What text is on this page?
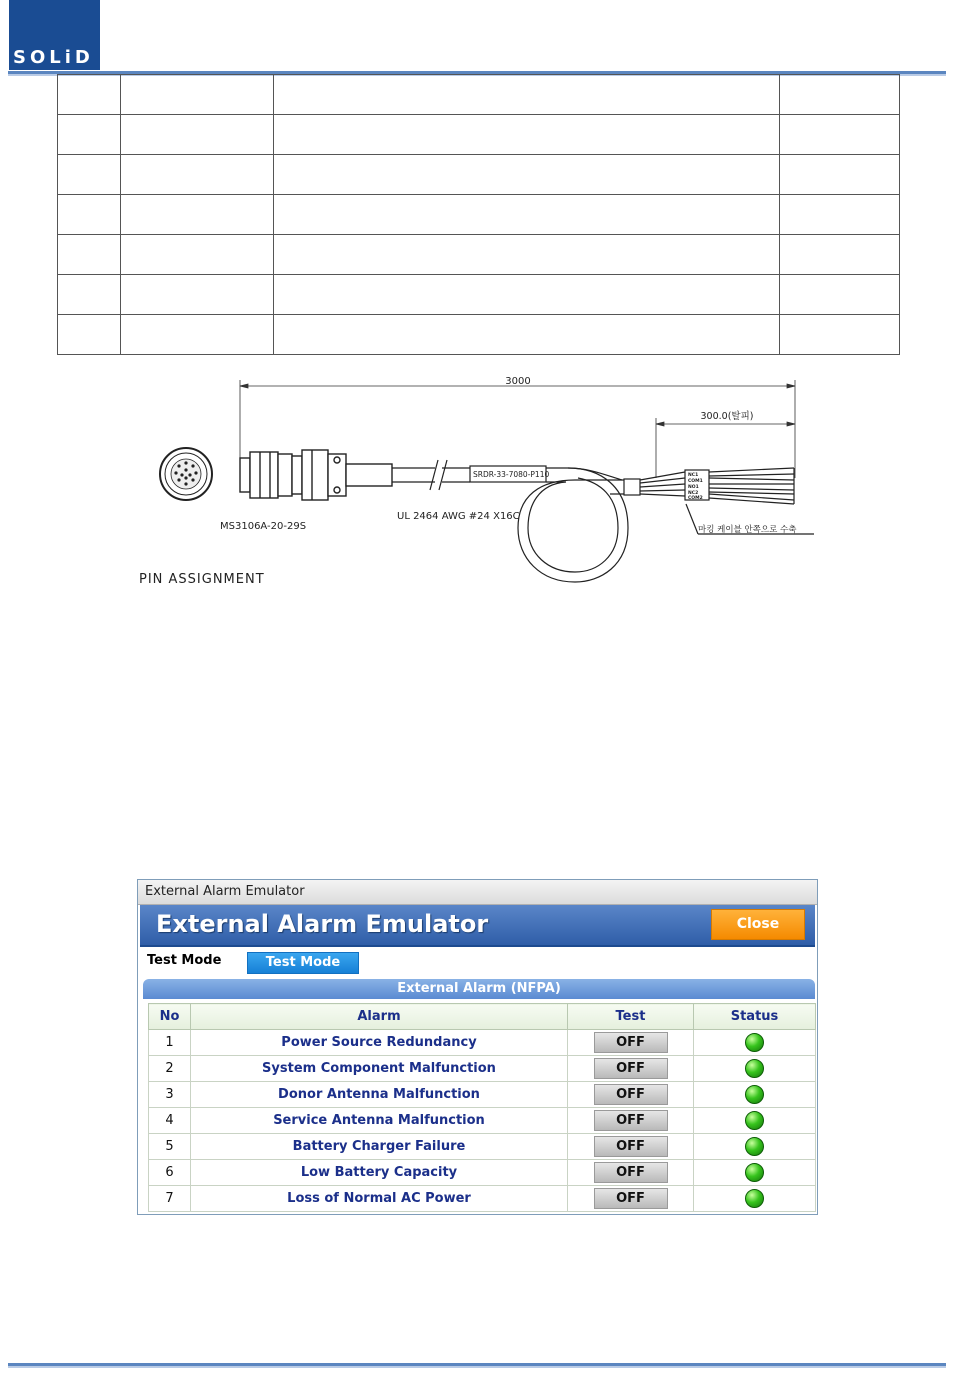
SOLiD

3000
300.0(탈피)
MS3106A-20-29S
SRDR-33-7080-P110
UL 2464 AWG #24 X16C
NC1
COM1
NO1
NC2
COM2
마킹 케이블 안쪽으로 수축
PIN ASSIGNMENT
External Alarm Emulator
External Alarm Emulator	Close
Test Mode	Test Mode
External Alarm (NFPA)
No	Alarm	Test	Status
1	Power Source Redundancy	OFF	
2	System Component Malfunction	OFF	
3	Donor Antenna Malfunction	OFF	
4	Service Antenna Malfunction	OFF	
5	Battery Charger Failure	OFF	
6	Low Battery Capacity	OFF	
7	Loss of Normal AC Power	OFF	
